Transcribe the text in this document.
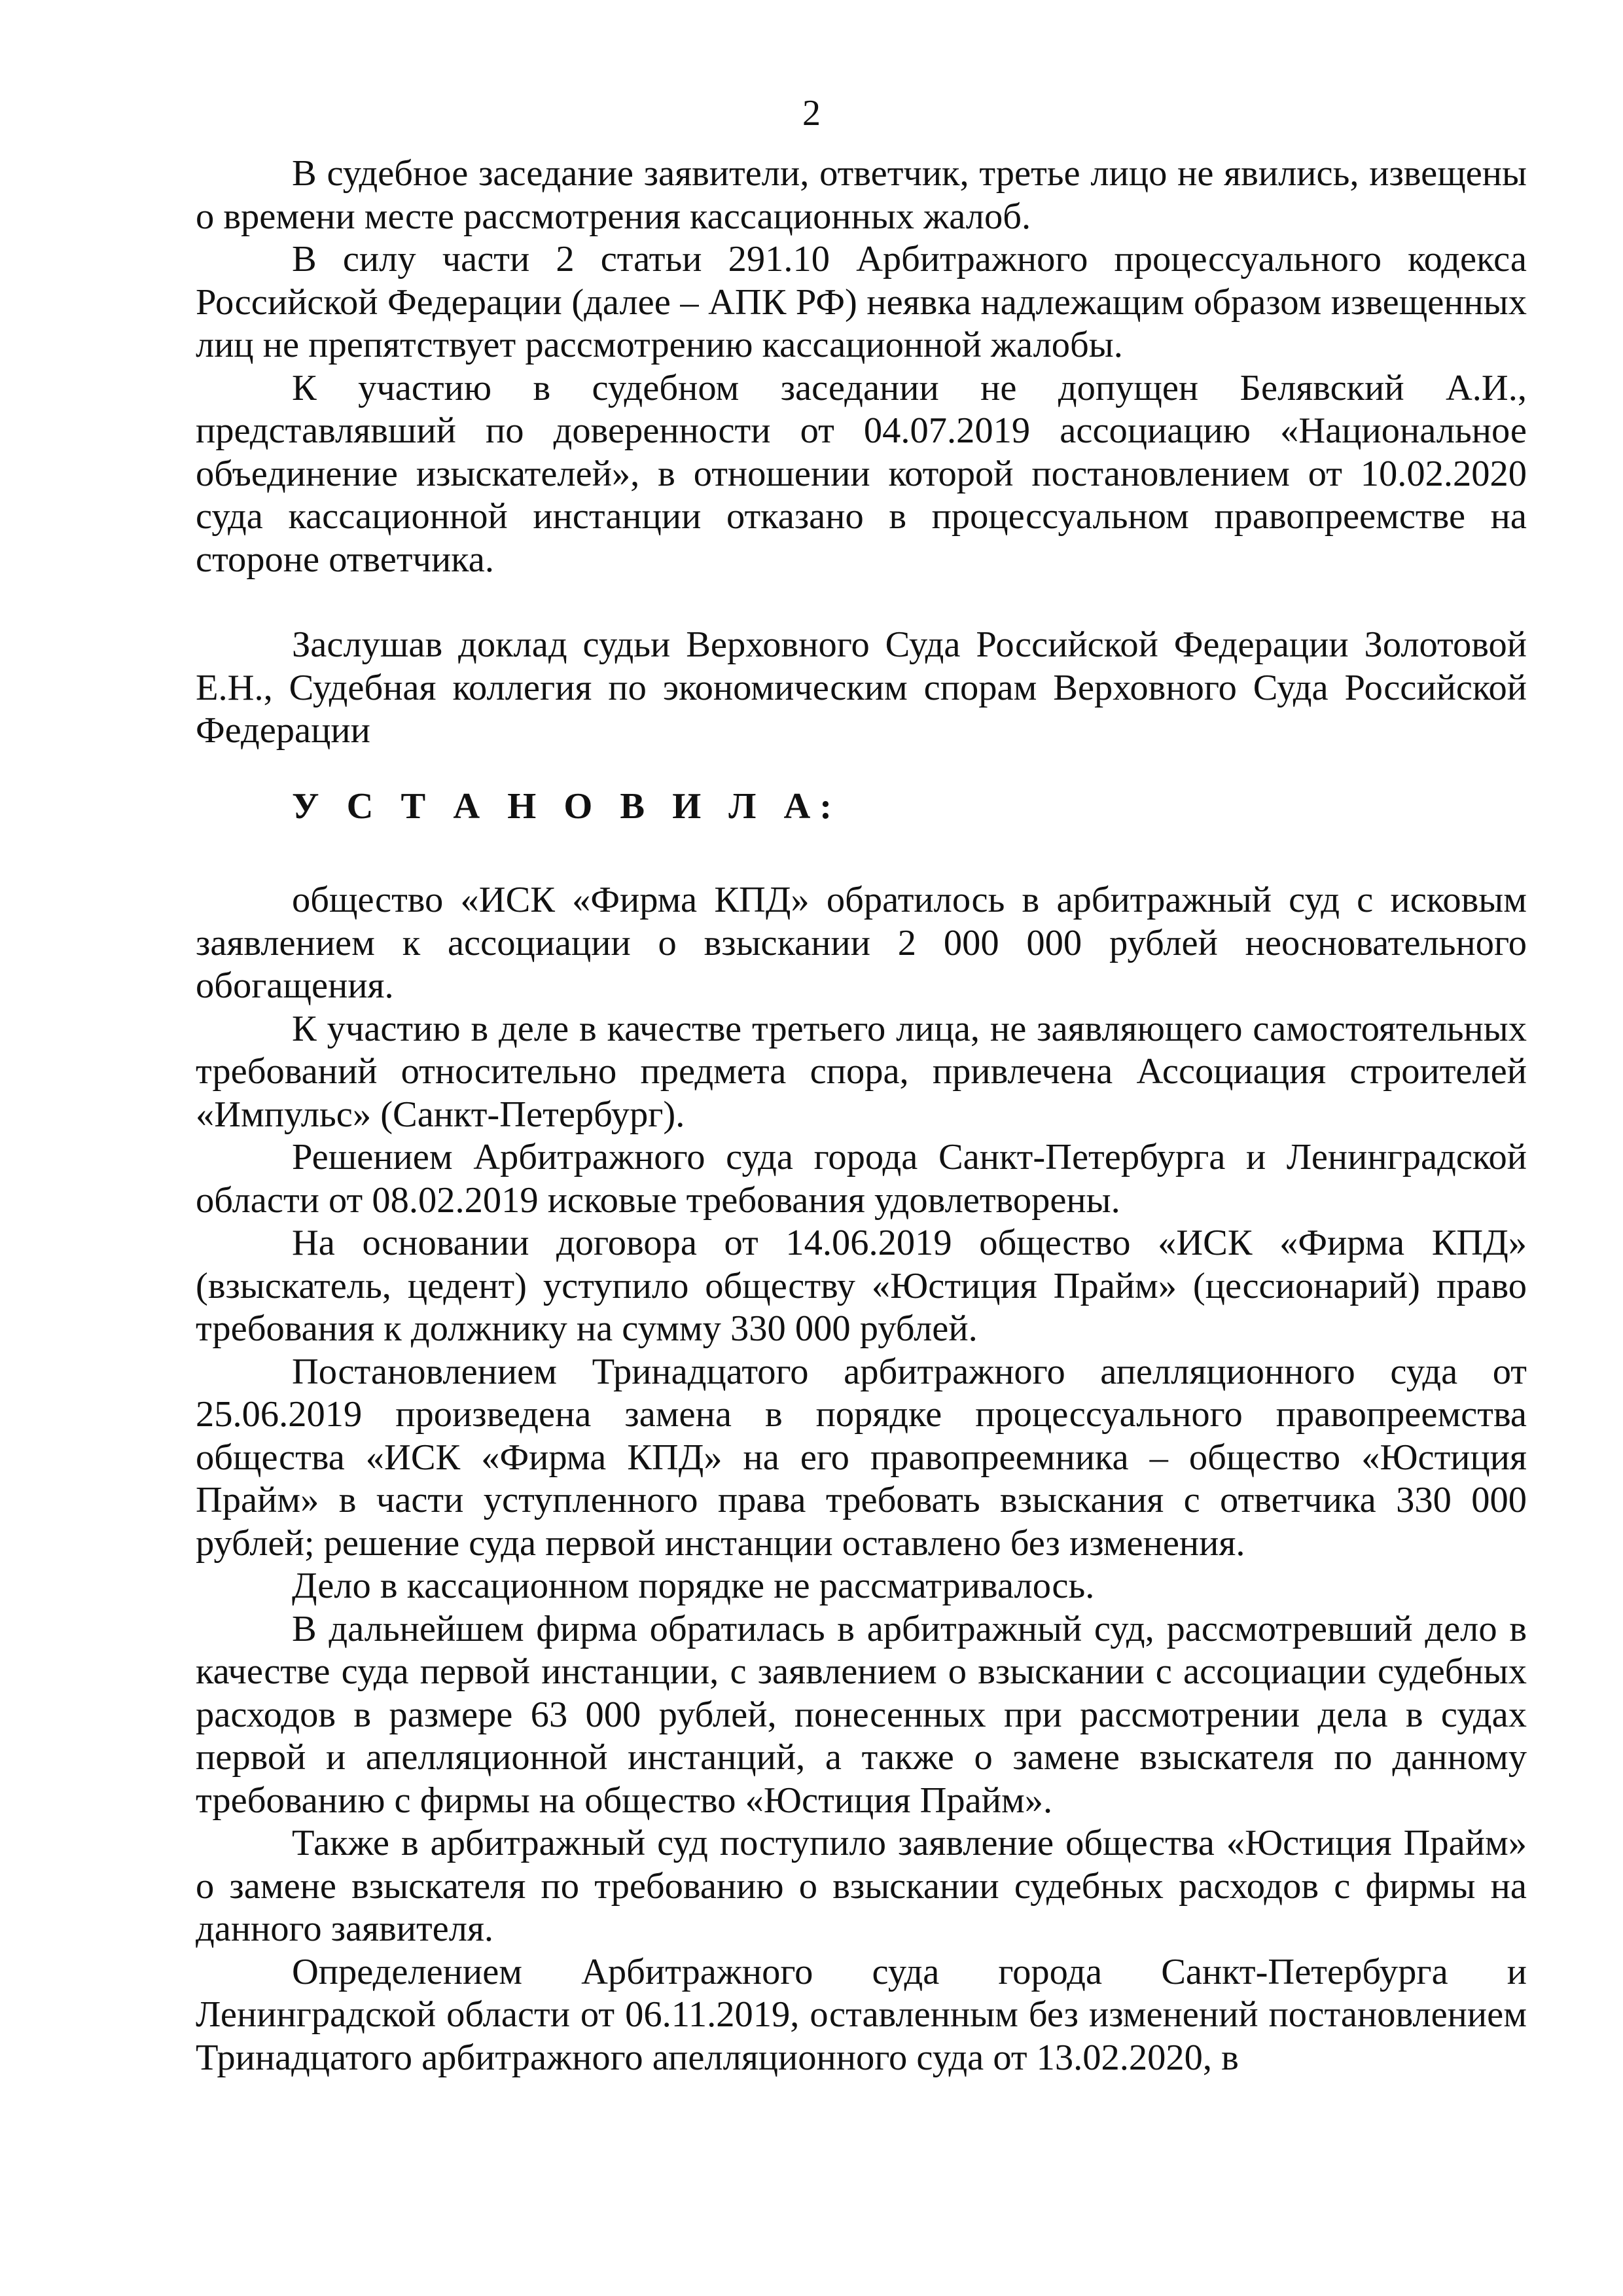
2

В судебное заседание заявители, ответчик, третье лицо не явились, извещены о времени месте рассмотрения кассационных жалоб.

В силу части 2 статьи 291.10 Арбитражного процессуального кодекса Российской Федерации (далее – АПК РФ) неявка надлежащим образом извещенных лиц не препятствует рассмотрению кассационной жалобы.

К участию в судебном заседании не допущен Белявский А.И., представлявший по доверенности от 04.07.2019 ассоциацию «Национальное объединение изыскателей», в отношении которой постановлением от 10.02.2020 суда кассационной инстанции отказано в процессуальном правопреемстве на стороне ответчика.

Заслушав доклад судьи Верховного Суда Российской Федерации Золотовой Е.Н., Судебная коллегия по экономическим спорам Верховного Суда Российской Федерации

У С Т А Н О В И Л А:

общество «ИСК «Фирма КПД» обратилось в арбитражный суд с исковым заявлением к ассоциации о взыскании 2 000 000 рублей неосновательного обогащения.

К участию в деле в качестве третьего лица, не заявляющего самостоятельных требований относительно предмета спора, привлечена Ассоциация строителей «Импульс» (Санкт-Петербург).

Решением Арбитражного суда города Санкт-Петербурга и Ленинградской области от 08.02.2019 исковые требования удовлетворены.

На основании договора от 14.06.2019 общество «ИСК «Фирма КПД» (взыскатель, цедент) уступило обществу «Юстиция Прайм» (цессионарий) право требования к должнику на сумму 330 000 рублей.

Постановлением Тринадцатого арбитражного апелляционного суда от 25.06.2019 произведена замена в порядке процессуального правопреемства общества «ИСК «Фирма КПД» на его правопреемника – общество «Юстиция Прайм» в части уступленного права требовать взыскания с ответчика 330 000 рублей; решение суда первой инстанции оставлено без изменения.

Дело в кассационном порядке не рассматривалось.

В дальнейшем фирма обратилась в арбитражный суд, рассмотревший дело в качестве суда первой инстанции, с заявлением о взыскании с ассоциации судебных расходов в размере 63 000 рублей, понесенных при рассмотрении дела в судах первой и апелляционной инстанций, а также о замене взыскателя по данному требованию с фирмы на общество «Юстиция Прайм».

Также в арбитражный суд поступило заявление общества «Юстиция Прайм» о замене взыскателя по требованию о взыскании судебных расходов с фирмы на данного заявителя.

Определением Арбитражного суда города Санкт-Петербурга и Ленинградской области от 06.11.2019, оставленным без изменений постановлением Тринадцатого арбитражного апелляционного суда от 13.02.2020, в
